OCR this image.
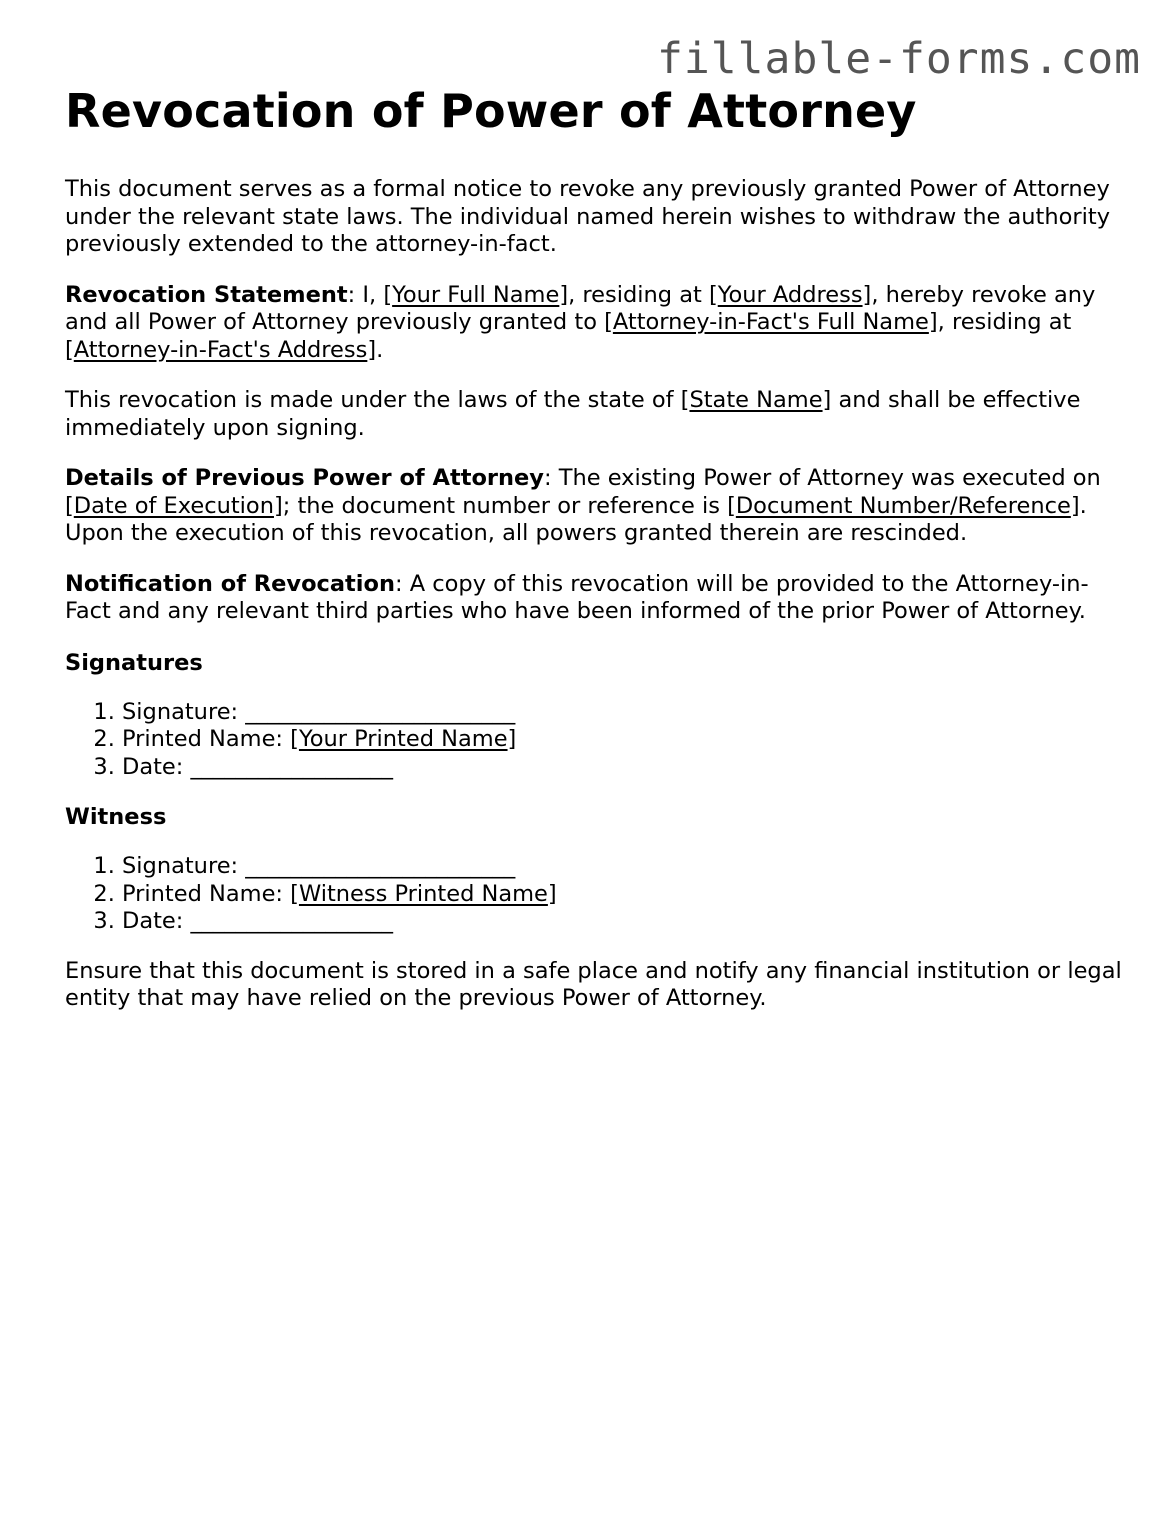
fillable-forms.com
Revocation of Power of Attorney

This document serves as a formal notice to revoke any previously granted Power of Attorney under the relevant state laws. The individual named herein wishes to withdraw the authority previously extended to the attorney-in-fact.

Revocation Statement: I, [Your Full Name], residing at [Your Address], hereby revoke any and all Power of Attorney previously granted to [Attorney-in-Fact's Full Name], residing at [Attorney-in-Fact's Address].

This revocation is made under the laws of the state of [State Name] and shall be effective immediately upon signing.

Details of Previous Power of Attorney: The existing Power of Attorney was executed on [Date of Execution]; the document number or reference is [Document Number/Reference]. Upon the execution of this revocation, all powers granted therein are rescinded.

Notification of Revocation: A copy of this revocation will be provided to the Attorney-in-Fact and any relevant third parties who have been informed of the prior Power of Attorney.

Signatures
1. Signature: ________________________
2. Printed Name: [Your Printed Name]
3. Date: __________________
Witness
1. Signature: ________________________
2. Printed Name: [Witness Printed Name]
3. Date: __________________

Ensure that this document is stored in a safe place and notify any financial institution or legal entity that may have relied on the previous Power of Attorney.
